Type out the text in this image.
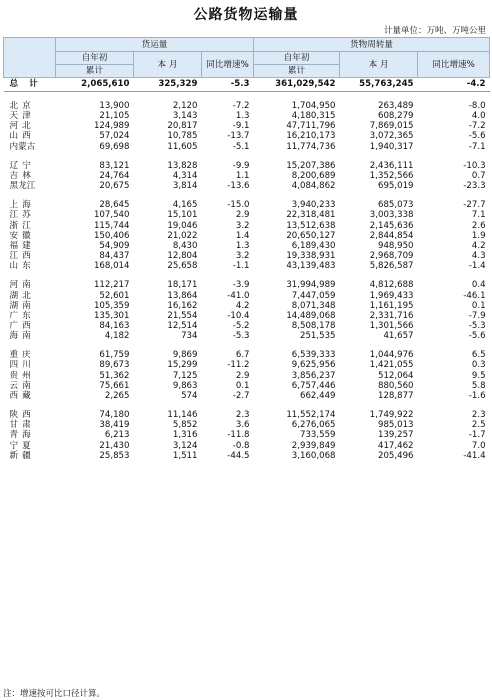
公路货物运输量
计量单位：万吨、万吨公里
	货运量			货物周转量		
	自年初	本 月	同比增速%	自年初	本 月	同比增速%
	累计			累计		
总 计	2,065,610	325,329	-5.3	361,029,542	55,763,245	-4.2

北京	13,900	2,120	-7.2	1,704,950	263,489	-8.0
天津	21,105	3,143	1.3	4,180,315	608,279	4.0
河北	124,989	20,817	-9.1	47,711,796	7,869,015	-7.2
山西	57,024	10,785	-13.7	16,210,173	3,072,365	-5.6
内蒙古	69,698	11,605	-5.1	11,774,736	1,940,317	-7.1

辽宁	83,121	13,828	-9.9	15,207,386	2,436,111	-10.3
吉林	24,764	4,314	1.1	8,200,689	1,352,566	0.7
黑龙江	20,675	3,814	-13.6	4,084,862	695,019	-23.3

上海	28,645	4,165	-15.0	3,940,233	685,073	-27.7
江苏	107,540	15,101	2.9	22,318,481	3,003,338	7.1
浙江	115,744	19,046	3.2	13,512,638	2,145,636	2.6
安徽	150,406	21,022	1.4	20,650,127	2,844,854	1.9
福建	54,909	8,430	1.3	6,189,430	948,950	4.2
江西	84,437	12,804	3.2	19,338,931	2,968,709	4.3
山东	168,014	25,658	-1.1	43,139,483	5,826,587	-1.4

河南	112,217	18,171	-3.9	31,994,989	4,812,688	0.4
湖北	52,601	13,864	-41.0	7,447,059	1,969,433	-46.1
湖南	105,359	16,162	4.2	8,071,348	1,161,195	0.1
广东	135,301	21,554	-10.4	14,489,068	2,331,716	-7.9
广西	84,163	12,514	-5.2	8,508,178	1,301,566	-5.3
海南	4,182	734	-5.3	251,535	41,657	-5.6

重庆	61,759	9,869	6.7	6,539,333	1,044,976	6.5
四川	89,673	15,299	-11.2	9,625,956	1,421,055	0.3
贵州	51,362	7,125	2.9	3,856,237	512,064	9.5
云南	75,661	9,863	0.1	6,757,446	880,560	5.8
西藏	2,265	574	-2.7	662,449	128,877	-1.6

陕西	74,180	11,146	2.3	11,552,174	1,749,922	2.3
甘肃	38,419	5,852	3.6	6,276,065	985,013	2.5
青海	6,213	1,316	-11.8	733,559	139,257	-1.7
宁夏	21,430	3,124	-0.8	2,939,849	417,462	7.0
新疆	25,853	1,511	-44.5	3,160,068	205,496	-41.4
注：增速按可比口径计算。
